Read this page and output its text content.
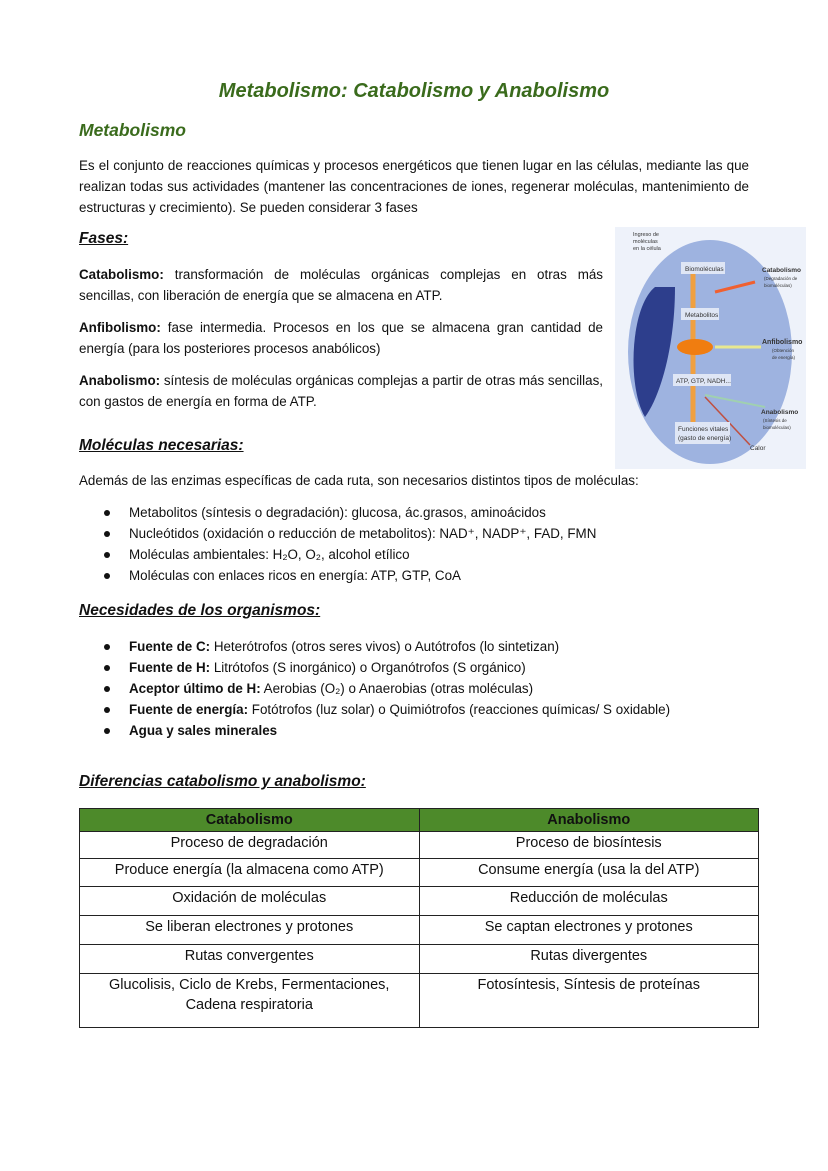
Metabolismo: Catabolismo y Anabolismo
Metabolismo

Es el conjunto de reacciones químicas y procesos energéticos que tienen lugar en las células, mediante las que realizan todas sus actividades (mantener las concentraciones de iones, regenerar moléculas, mantenimiento de estructuras y crecimiento). Se pueden considerar 3 fases

Fases:

Catabolismo: transformación de moléculas orgánicas complejas en otras más sencillas, con liberación de energía que se almacena en ATP.

Anfibolismo: fase intermedia. Procesos en los que se almacena gran cantidad de energía (para los posteriores procesos anabólicos)

Anabolismo: síntesis de moléculas orgánicas complejas a partir de otras más sencillas, con gastos de energía en forma de ATP.

Biomoléculas
Metabolitos
ATP, GTP, NADH...
Funciones vitales
(gasto de energía)
Calor
Ingreso de
moléculas
en la célula
Catabolismo
(Degradación de
biomoléculas)
Anfibolismo
(Obtención
de energía)
Anabolismo
(Síntesis de
biomoléculas)
Moléculas necesarias:

Además de las enzimas específicas de cada ruta, son necesarios distintos tipos de moléculas:

Metabolitos (síntesis o degradación): glucosa, ác.grasos, aminoácidos
Nucleótidos (oxidación o reducción de metabolitos): NAD⁺, NADP⁺, FAD, FMN
Moléculas ambientales: H₂O, O₂, alcohol etílico
Moléculas con enlaces ricos en energía: ATP, GTP, CoA
Necesidades de los organismos:
Fuente de C: Heterótrofos (otros seres vivos) o Autótrofos (lo sintetizan)
Fuente de H: Litrótofos (S inorgánico) o Organótrofos (S orgánico)
Aceptor último de H: Aerobias (O₂) o Anaerobias (otras moléculas)
Fuente de energía: Fotótrofos (luz solar) o Quimiótrofos (reacciones químicas/ S oxidable)
Agua y sales minerales
Diferencias catabolismo y anabolismo:
Catabolismo	Anabolismo
Proceso de degradación	Proceso de biosíntesis
Produce energía (la almacena como ATP)	Consume energía (usa la del ATP)
Oxidación de moléculas	Reducción de moléculas
Se liberan electrones y protones	Se captan electrones y protones
Rutas convergentes	Rutas divergentes
Glucolisis, Ciclo de Krebs, Fermentaciones, Cadena respiratoria	Fotosíntesis, Síntesis de proteínas
